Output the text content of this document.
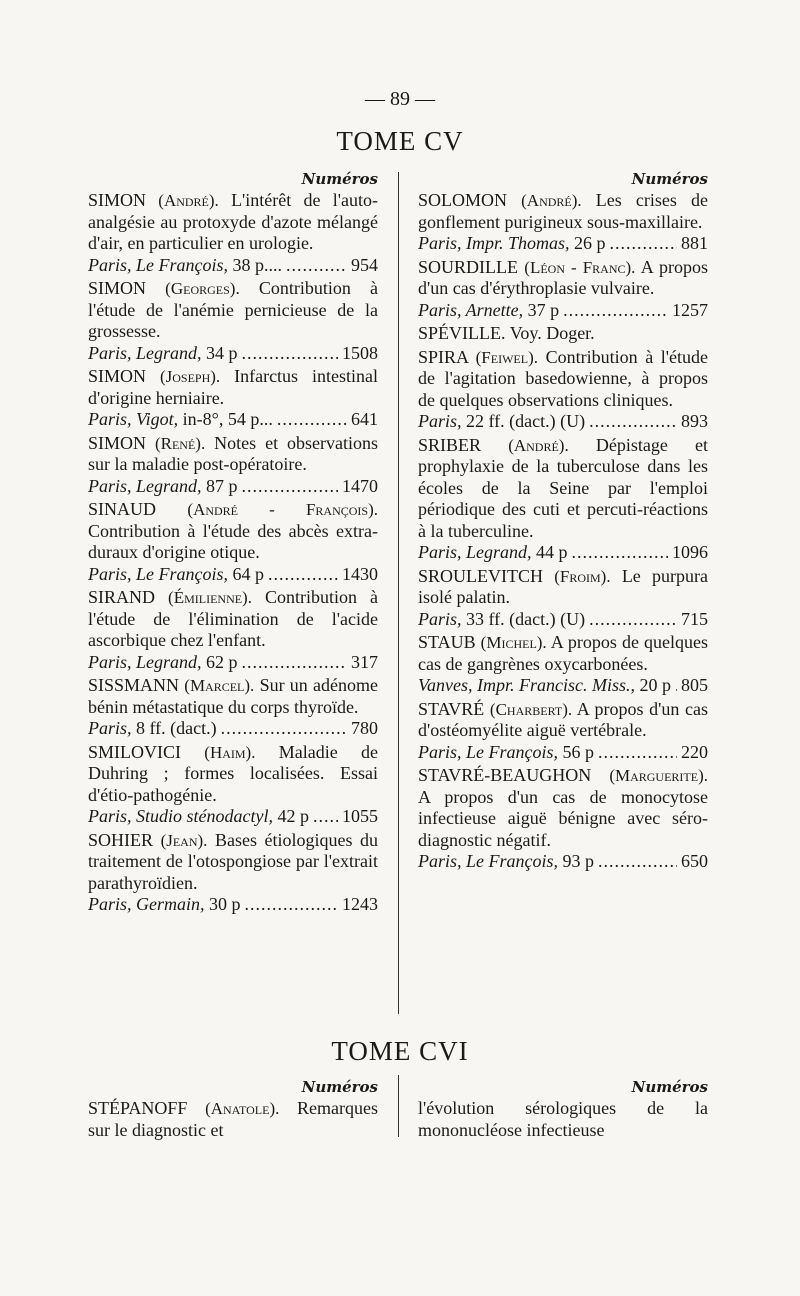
— 89 —
TOME CV
Numéros
SIMON (André). L'intérêt de l'auto-analgésie au protoxyde d'azote mélangé d'air, en particulier en urologie.
Paris, Le François, 38 p.... .....	954
SIMON (Georges). Contribution à l'étude de l'anémie pernicieuse de la grossesse.
Paris, Legrand, 34 p .....	1508
SIMON (Joseph). Infarctus intestinal d'origine herniaire.
Paris, Vigot, in-8°, 54 p... .....	641
SIMON (René). Notes et observations sur la maladie post-opératoire.
Paris, Legrand, 87 p .....	1470
SINAUD (André - François). Contribution à l'étude des abcès extra-duraux d'origine otique.
Paris, Le François, 64 p .....	1430
SIRAND (Émilienne). Contribution à l'étude de l'élimination de l'acide ascorbique chez l'enfant.
Paris, Legrand, 62 p .....	317
SISSMANN (Marcel). Sur un adénome bénin métastatique du corps thyroïde.
Paris, 8 ff. (dact.) .....	780
SMILOVICI (Haim). Maladie de Duhring ; formes localisées. Essai d'étio-pathogénie.
Paris, Studio sténodactyl, 42 p ..... 1055
SOHIER (Jean). Bases étiologiques du traitement de l'otospongiose par l'extrait parathyroïdien.
Paris, Germain, 30 p .....	1243
Numéros
SOLOMON (André). Les crises de gonflement puriginеux sous-maxillaire.
Paris, Impr. Thomas, 26 p .....	881
SOURDILLE (Léon - Franc). A propos d'un cas d'érythroplasie vulvaire.
Paris, Arnette, 37 p .....	1257
SPÉVILLE. Voy. Doger.
SPIRA (Feiwel). Contribution à l'étude de l'agitation basedowienne, à propos de quelques observations cliniques.
Paris, 22 ff. (dact.) (U) .....	893
SRIBER (André). Dépistage et prophylaxie de la tuberculose dans les écoles de la Seine par l'emploi périodique des cuti et percuti-réactions à la tuberculine.
Paris, Legrand, 44 p .....	1096
SROULEVITCH (Froim). Le purpura isolé palatin.
Paris, 33 ff. (dact.) (U) .....	715
STAUB (Michel). A propos de quelques cas de gangrènes oxycarbonées.
Vanves, Impr. Francisc. Miss., 20 p ..... 805
STAVRÉ (Charbert). A propos d'un cas d'ostéomyélite aiguë vertébrale.
Paris, Le François, 56 p .....	220
STAVRÉ-BEAUGHON (Marguerite). A propos d'un cas de monocytose infectieuse aiguë bénigne avec séro-diagnostic négatif.
Paris, Le François, 93 p .....	650
TOME CVI
Numéros
STÉPANOFF (Anatole). Remarques sur le diagnostic et
Numéros
l'évolution sérologiques de la mononucléose infectieuse
